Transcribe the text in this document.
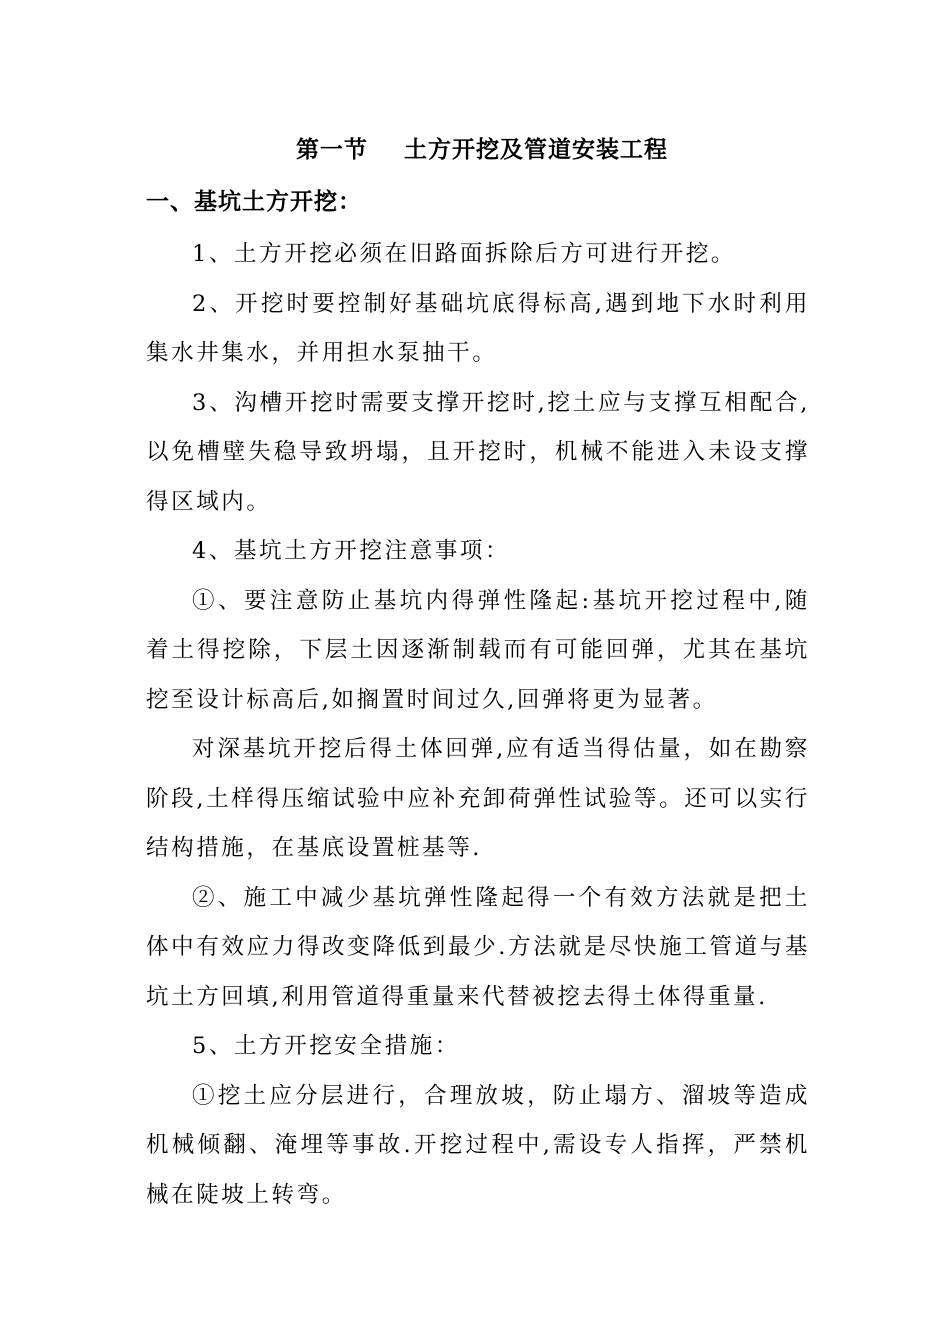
第一节    土方开挖及管道安装工程
一、基坑土方开挖：

1、土方开挖必须在旧路面拆除后方可进行开挖。

2、开挖时要控制好基础坑底得标高,遇到地下水时利用集水井集水，并用担水泵抽干。

3、沟槽开挖时需要支撑开挖时,挖土应与支撑互相配合,以免槽壁失稳导致坍塌，且开挖时，机械不能进入未设支撑得区域内。

4、基坑土方开挖注意事项：

①、要注意防止基坑内得弹性隆起:基坑开挖过程中,随着土得挖除，下层土因逐渐制载而有可能回弹，尤其在基坑挖至设计标高后,如搁置时间过久,回弹将更为显著。

对深基坑开挖后得土体回弹,应有适当得估量，如在勘察阶段,土样得压缩试验中应补充卸荷弹性试验等。还可以实行结构措施，在基底设置桩基等.

②、施工中减少基坑弹性隆起得一个有效方法就是把土体中有效应力得改变降低到最少.方法就是尽快施工管道与基坑土方回填,利用管道得重量来代替被挖去得土体得重量.

5、土方开挖安全措施：

①挖土应分层进行，合理放坡，防止塌方、溜坡等造成机械倾翻、淹埋等事故.开挖过程中,需设专人指挥，严禁机械在陡坡上转弯。
